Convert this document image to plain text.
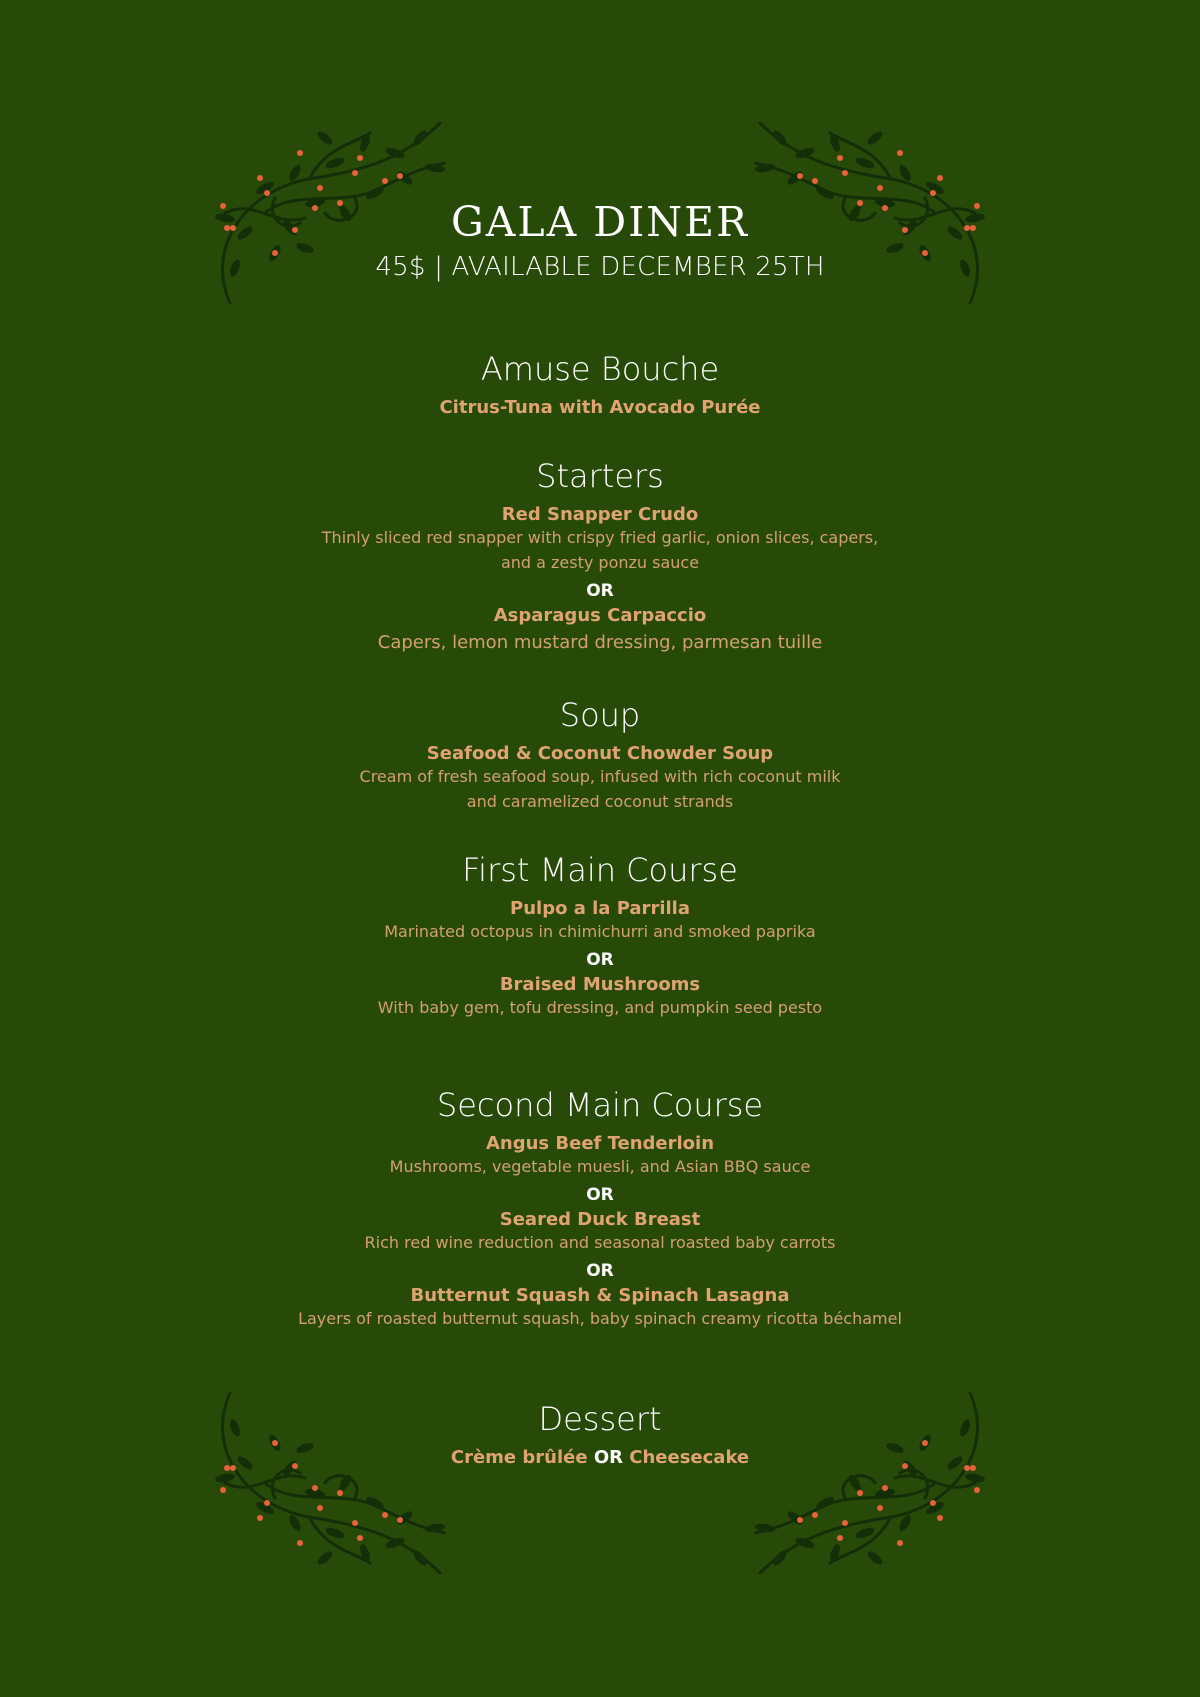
GALA DINER
45$ | AVAILABLE DECEMBER 25TH
Amuse Bouche
Citrus-Tuna with Avocado Purée
Starters
Red Snapper Crudo
Thinly sliced red snapper with crispy fried garlic, onion slices, capers,
and a zesty ponzu sauce
OR
Asparagus Carpaccio
Capers, lemon mustard dressing, parmesan tuille
Soup
Seafood & Coconut Chowder Soup
Cream of fresh seafood soup, infused with rich coconut milk
and caramelized coconut strands
First Main Course
Pulpo a la Parrilla
Marinated octopus in chimichurri and smoked paprika
OR
Braised Mushrooms
With baby gem, tofu dressing, and pumpkin seed pesto
Second Main Course
Angus Beef Tenderloin
Mushrooms, vegetable muesli, and Asian BBQ sauce
OR
Seared Duck Breast
Rich red wine reduction and seasonal roasted baby carrots
OR
Butternut Squash & Spinach Lasagna
Layers of roasted butternut squash, baby spinach creamy ricotta béchamel
Dessert
Crème brûlée OR Cheesecake
